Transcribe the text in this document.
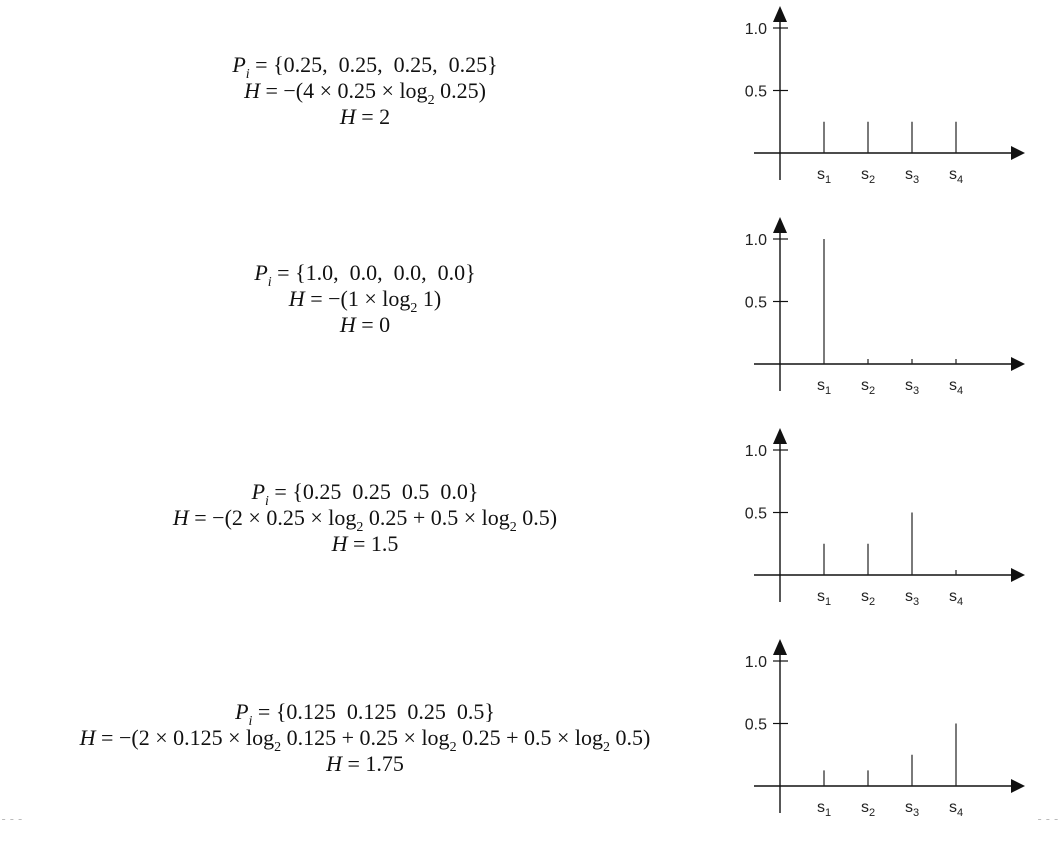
$P_i = \{0.25$,  0.25,  0.25,  0.25}
$H = -(4 \times 0.25 \times \log_2 0.25)$
H = 2
0.5
1.0
$s_1$ $s_2$ $s_3$ $s_4$
$P_i = \{1.0$,  0.0,  0.0,  0.0}
$H = -(1 \times \log_2 1)$
H = 0
0.5
1.0
$s_1$ $s_2$ $s_3$ $s_4$
$P_i = \{0.25$  0.25  0.5  0.0}
$H = -(2 \times 0.25 \times \log_2 0.25 + 0.5 \times \log_2 0.5)$
H = 1.5
0.5
1.0
$s_1$ $s_2$ $s_3$ $s_4$
$P_i = \{0.125$  0.125  0.25  0.5}
$H = -(2 \times 0.125 \times \log_2 0.125 + 0.25 \times \log_2 0.25 + 0.5 \times \log_2 0.5)$
H = 1.75
0.5
1.0
$s_1$ $s_2$ $s_3$ $s_4$
---	---
